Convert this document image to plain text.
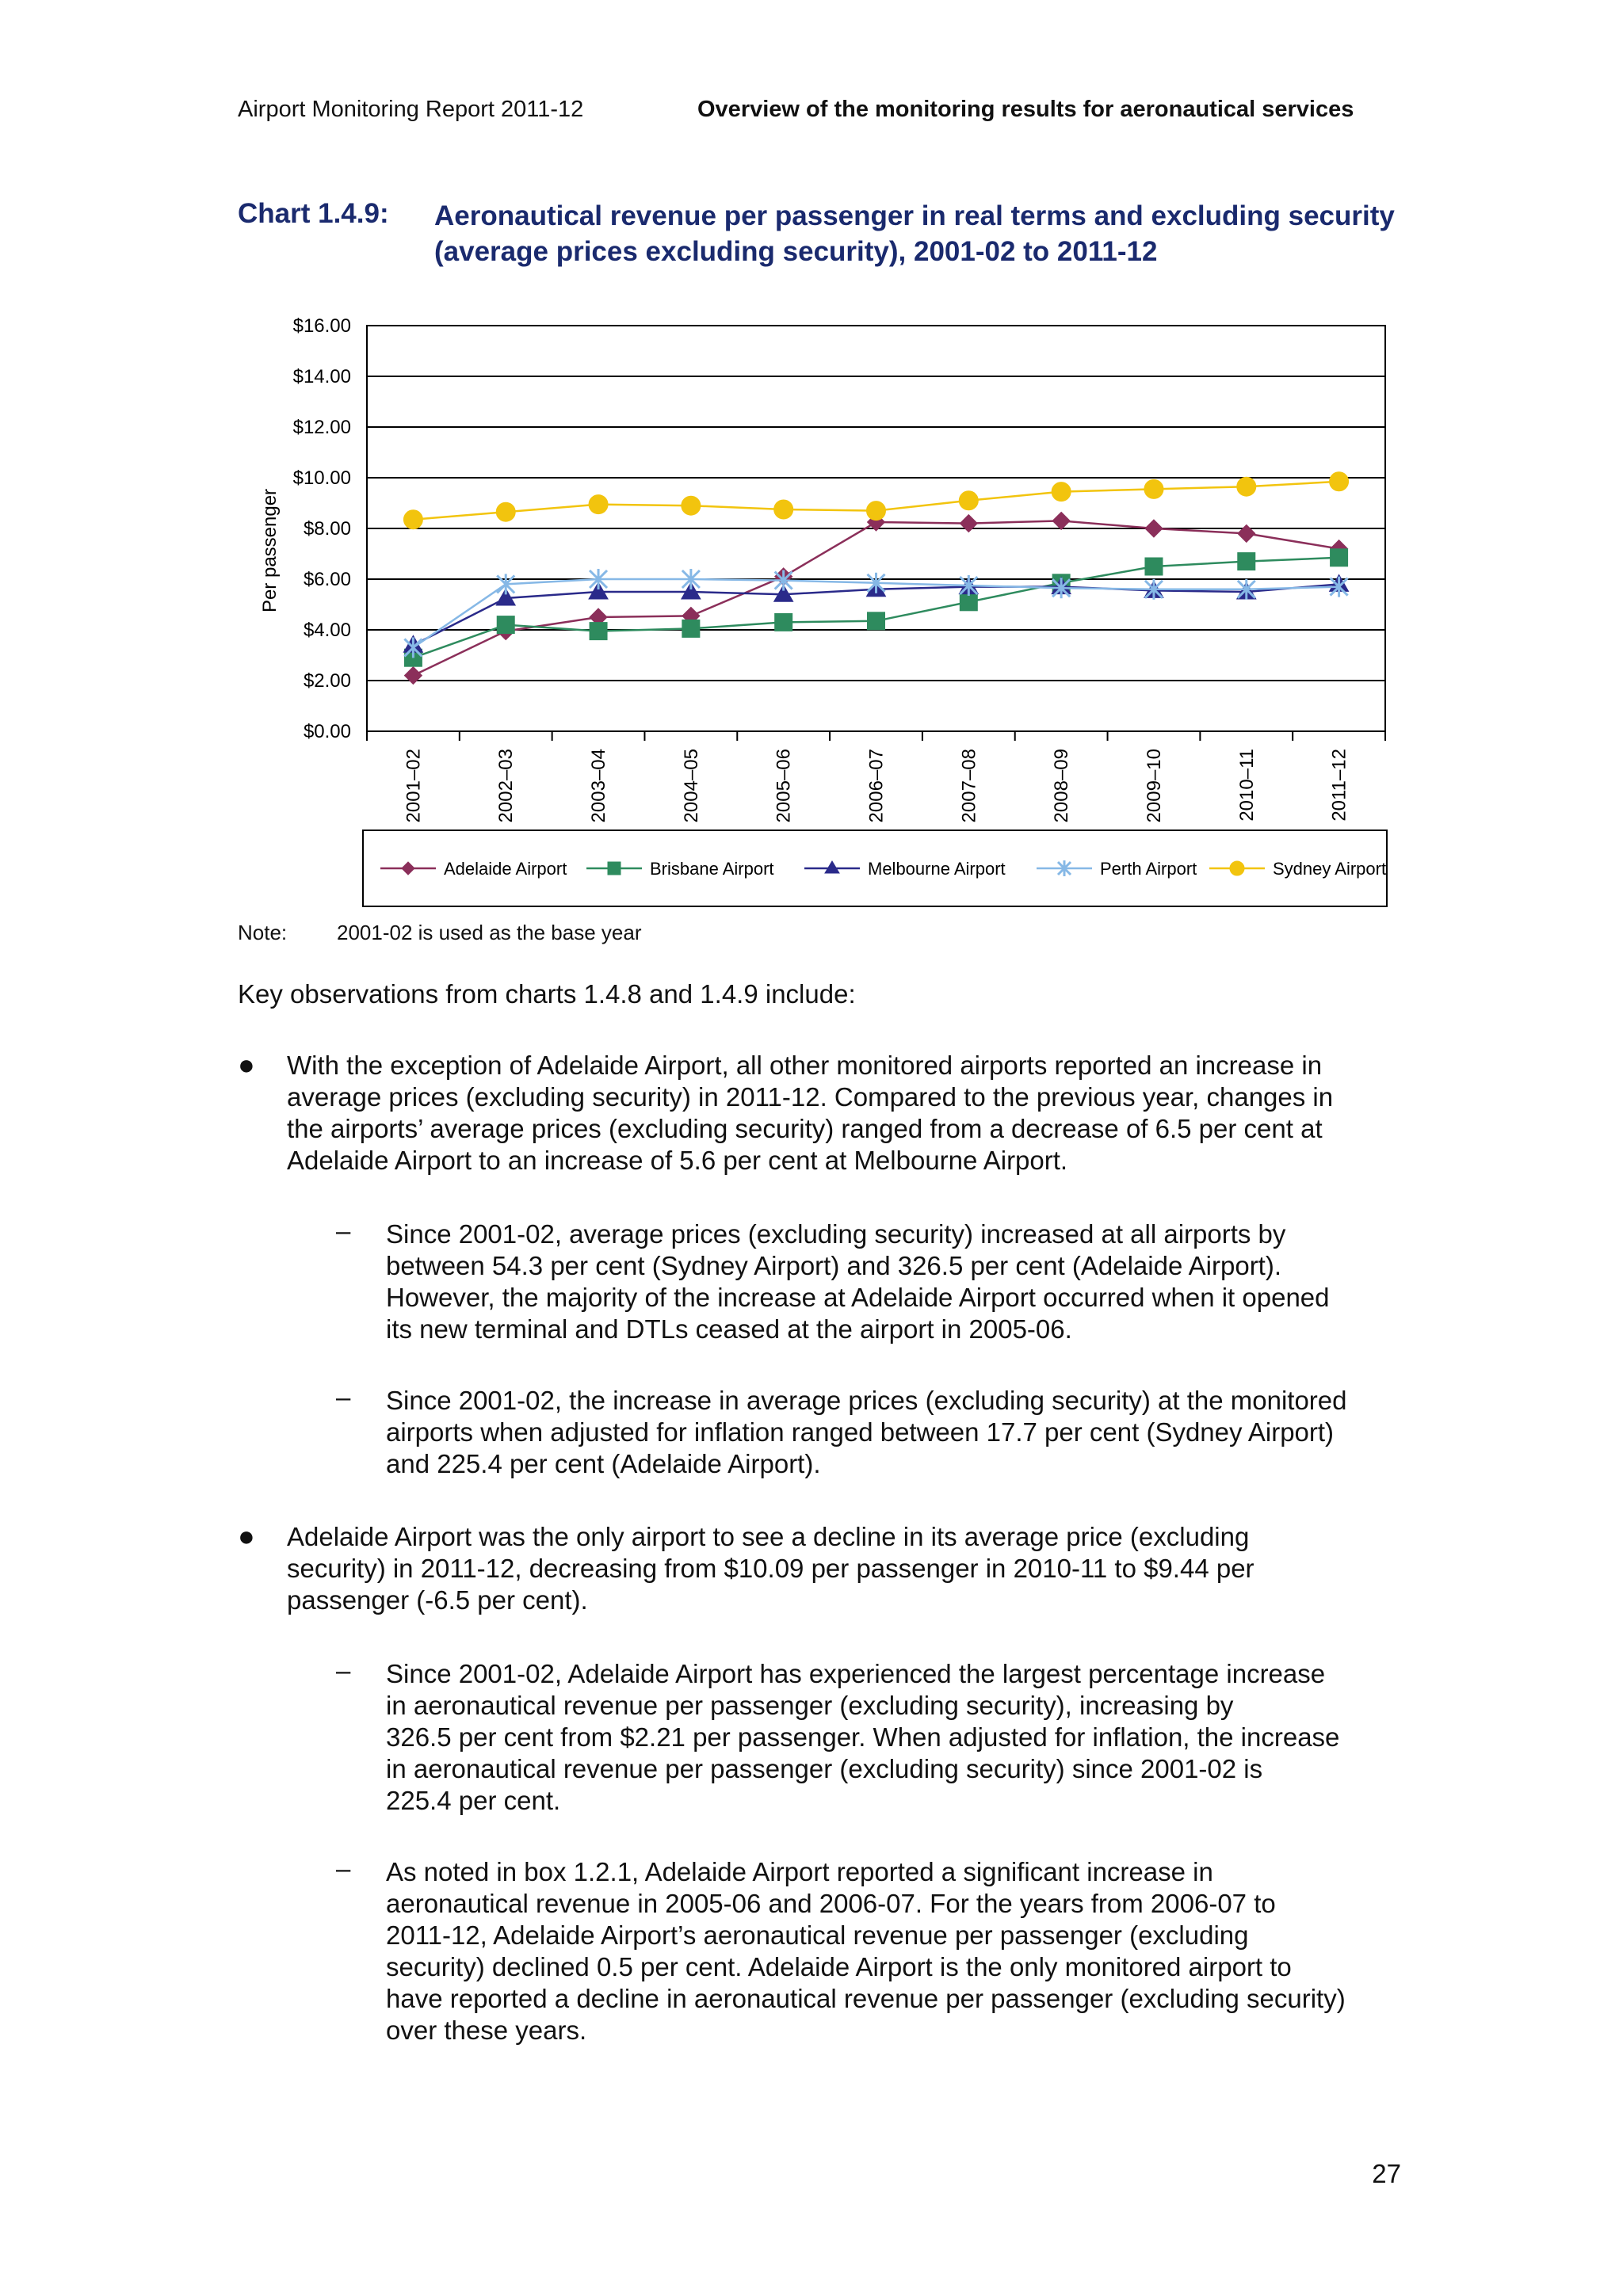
Airport Monitoring Report 2011-12	Overview of the monitoring results for aeronautical services
Chart 1.4.9: Aeronautical revenue per passenger in real terms and excluding security (average prices excluding security), 2001-02 to 2011-12
$0.00
$2.00
$4.00
$6.00
$8.00
$10.00
$12.00
$14.00
$16.00
2001–02	2002–03	2003–04	2004–05	2005–06	2006–07	2007–08	2008–09	2009–10	2010–11	2011–12
Per passenger
Adelaide Airport	Brisbane Airport	Melbourne Airport	Perth Airport	Sydney Airport
Note: 2001-02 is used as the base year
Key observations from charts 1.4.8 and 1.4.9 include:
● With the exception of Adelaide Airport, all other monitored airports reported an increase in
average prices (excluding security) in 2011-12. Compared to the previous year, changes in
the airports’ average prices (excluding security) ranged from a decrease of 6.5 per cent at
Adelaide Airport to an increase of 5.6 per cent at Melbourne Airport.
– Since 2001-02, average prices (excluding security) increased at all airports by
between 54.3 per cent (Sydney Airport) and 326.5 per cent (Adelaide Airport).
However, the majority of the increase at Adelaide Airport occurred when it opened
its new terminal and DTLs ceased at the airport in 2005-06.
– Since 2001-02, the increase in average prices (excluding security) at the monitored
airports when adjusted for inflation ranged between 17.7 per cent (Sydney Airport)
and 225.4 per cent (Adelaide Airport).
● Adelaide Airport was the only airport to see a decline in its average price (excluding
security) in 2011-12, decreasing from $10.09 per passenger in 2010-11 to $9.44 per
passenger (-6.5 per cent).
– Since 2001-02, Adelaide Airport has experienced the largest percentage increase
in aeronautical revenue per passenger (excluding security), increasing by
326.5 per cent from $2.21 per passenger. When adjusted for inflation, the increase
in aeronautical revenue per passenger (excluding security) since 2001-02 is
225.4 per cent.
– As noted in box 1.2.1, Adelaide Airport reported a significant increase in
aeronautical revenue in 2005-06 and 2006-07. For the years from 2006-07 to
2011-12, Adelaide Airport’s aeronautical revenue per passenger (excluding
security) declined 0.5 per cent. Adelaide Airport is the only monitored airport to
have reported a decline in aeronautical revenue per passenger (excluding security)
over these years.
27
